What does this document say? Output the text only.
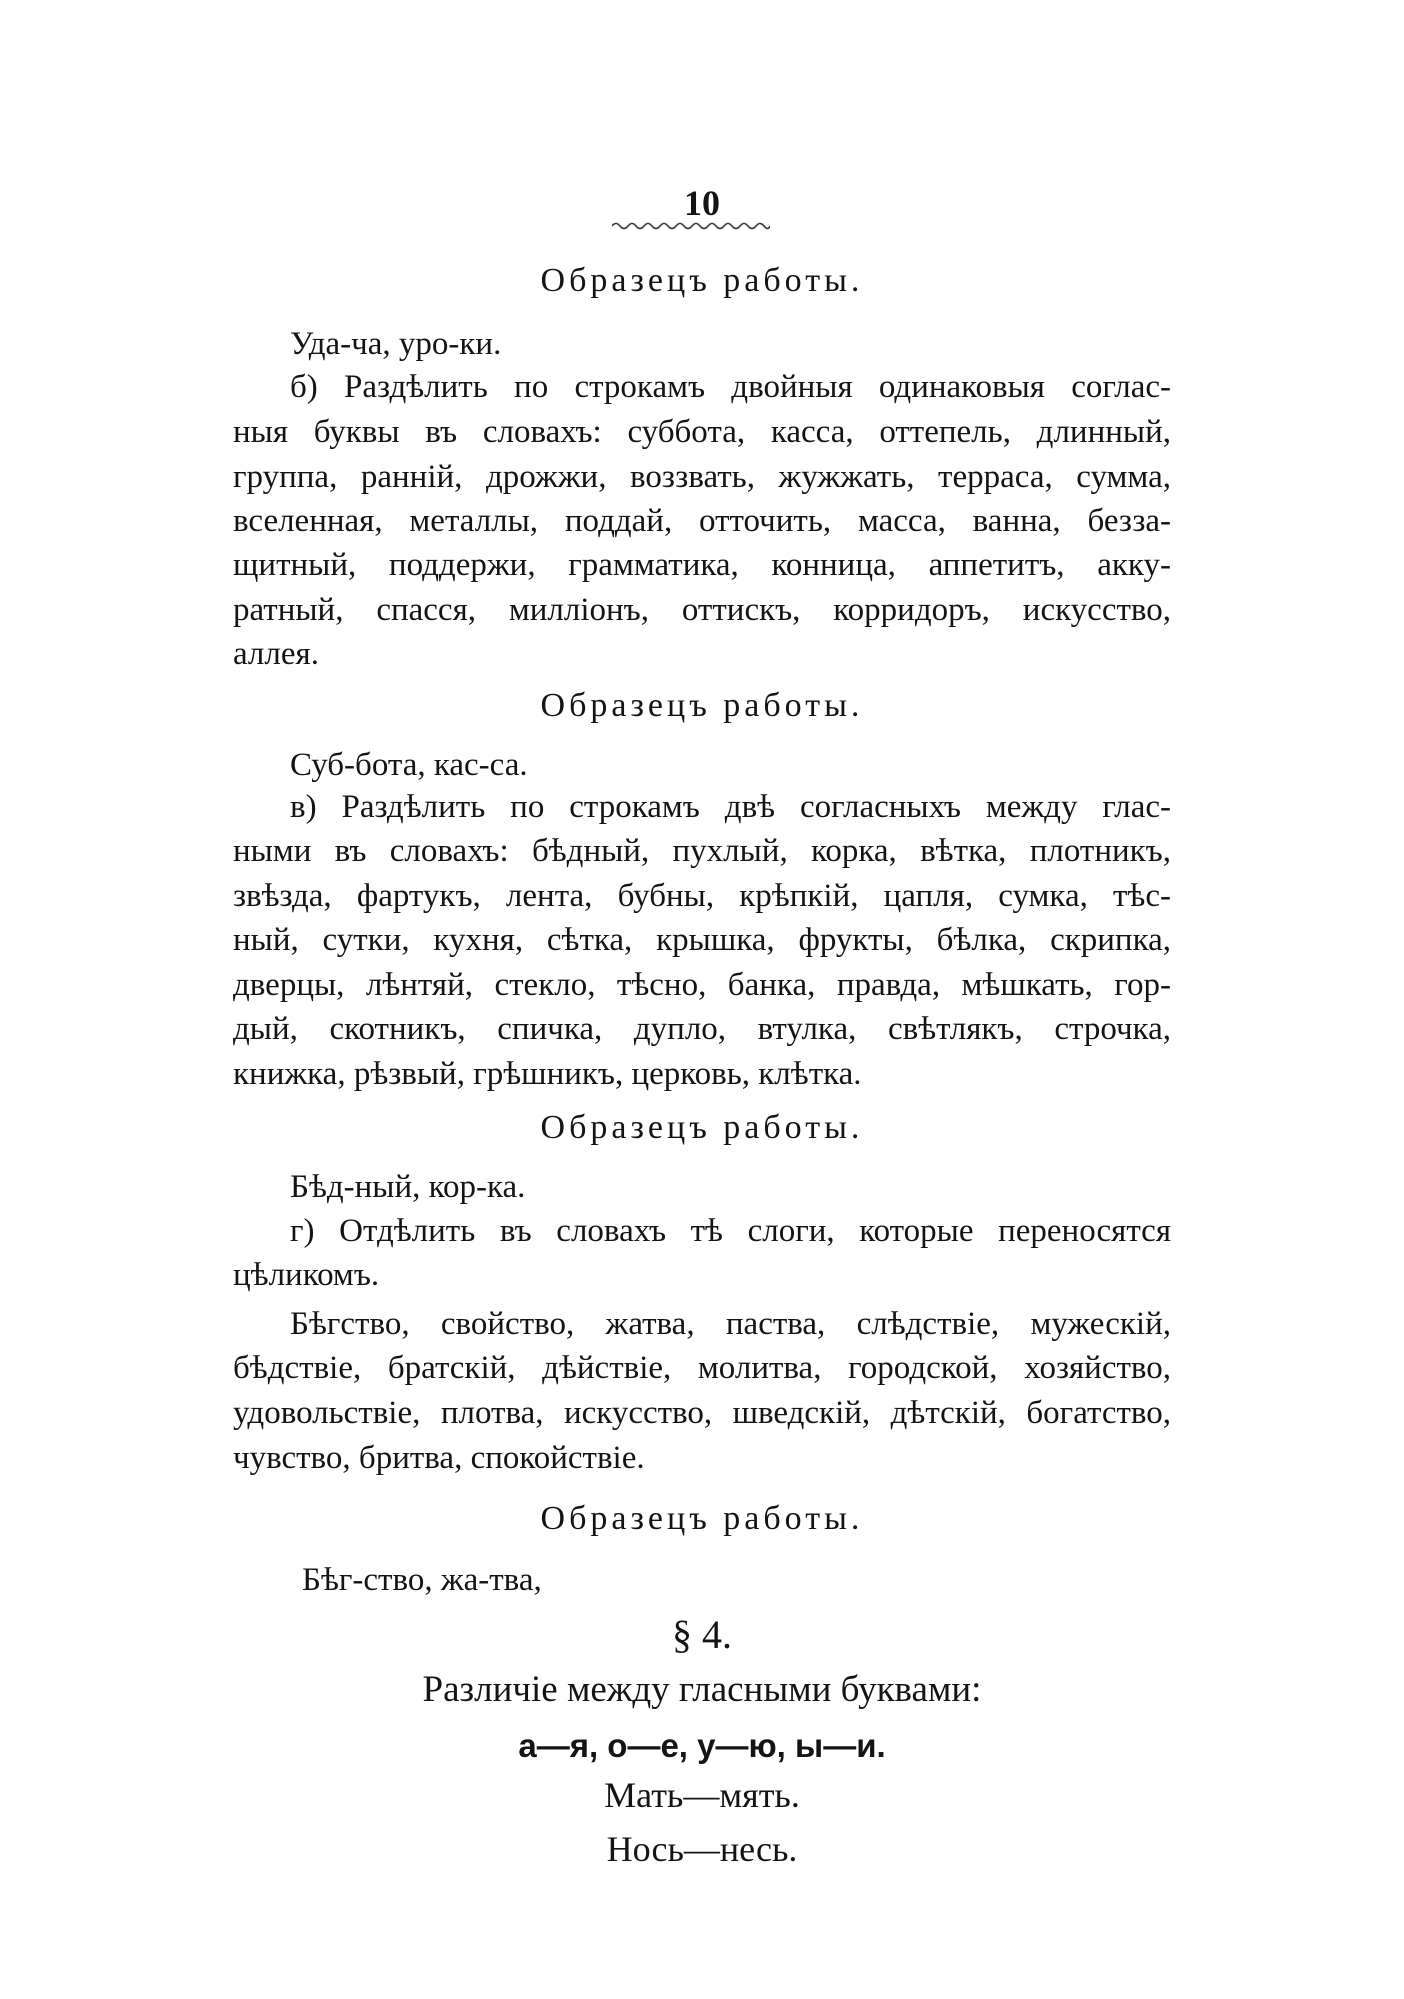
10
Образецъ работы.
Уда-ча, уро-ки.
б) Раздѣлить по строкамъ двойныя одинаковыя соглас-
ныя буквы въ словахъ: суббота, касса, оттепель, длинный,
группа, ранній, дрожжи, воззвать, жужжать, терраса, сумма,
вселенная, металлы, поддай, отточить, масса, ванна, безза-
щитный, поддержи, грамматика, конница, аппетитъ, акку-
ратный, спасся, милліонъ, оттискъ, корридоръ, искусство,
аллея.
Образецъ работы.
Суб-бота, кас-са.
в) Раздѣлить по строкамъ двѣ согласныхъ между глас-
ными въ словахъ: бѣдный, пухлый, корка, вѣтка, плотникъ,
звѣзда, фартукъ, лента, бубны, крѣпкій, цапля, сумка, тѣс-
ный, сутки, кухня, сѣтка, крышка, фрукты, бѣлка, скрипка,
дверцы, лѣнтяй, стекло, тѣсно, банка, правда, мѣшкать, гор-
дый, скотникъ, спичка, дупло, втулка, свѣтлякъ, строчка,
книжка, рѣзвый, грѣшникъ, церковь, клѣтка.
Образецъ работы.
Бѣд-ный, кор-ка.
г) Отдѣлить въ словахъ тѣ слоги, которые переносятся
цѣликомъ.
Бѣгство, свойство, жатва, паства, слѣдствіе, мужескій,
бѣдствіе, братскій, дѣйствіе, молитва, городской, хозяйство,
удовольствіе, плотва, искусство, шведскій, дѣтскій, богатство,
чувство, бритва, спокойствіе.
Образецъ работы.
Бѣг-ство, жа-тва,
§ 4.
Различіе между гласными буквами:
а—я, о—е, у—ю, ы—и.
Мать—мять.
Нось—несь.
